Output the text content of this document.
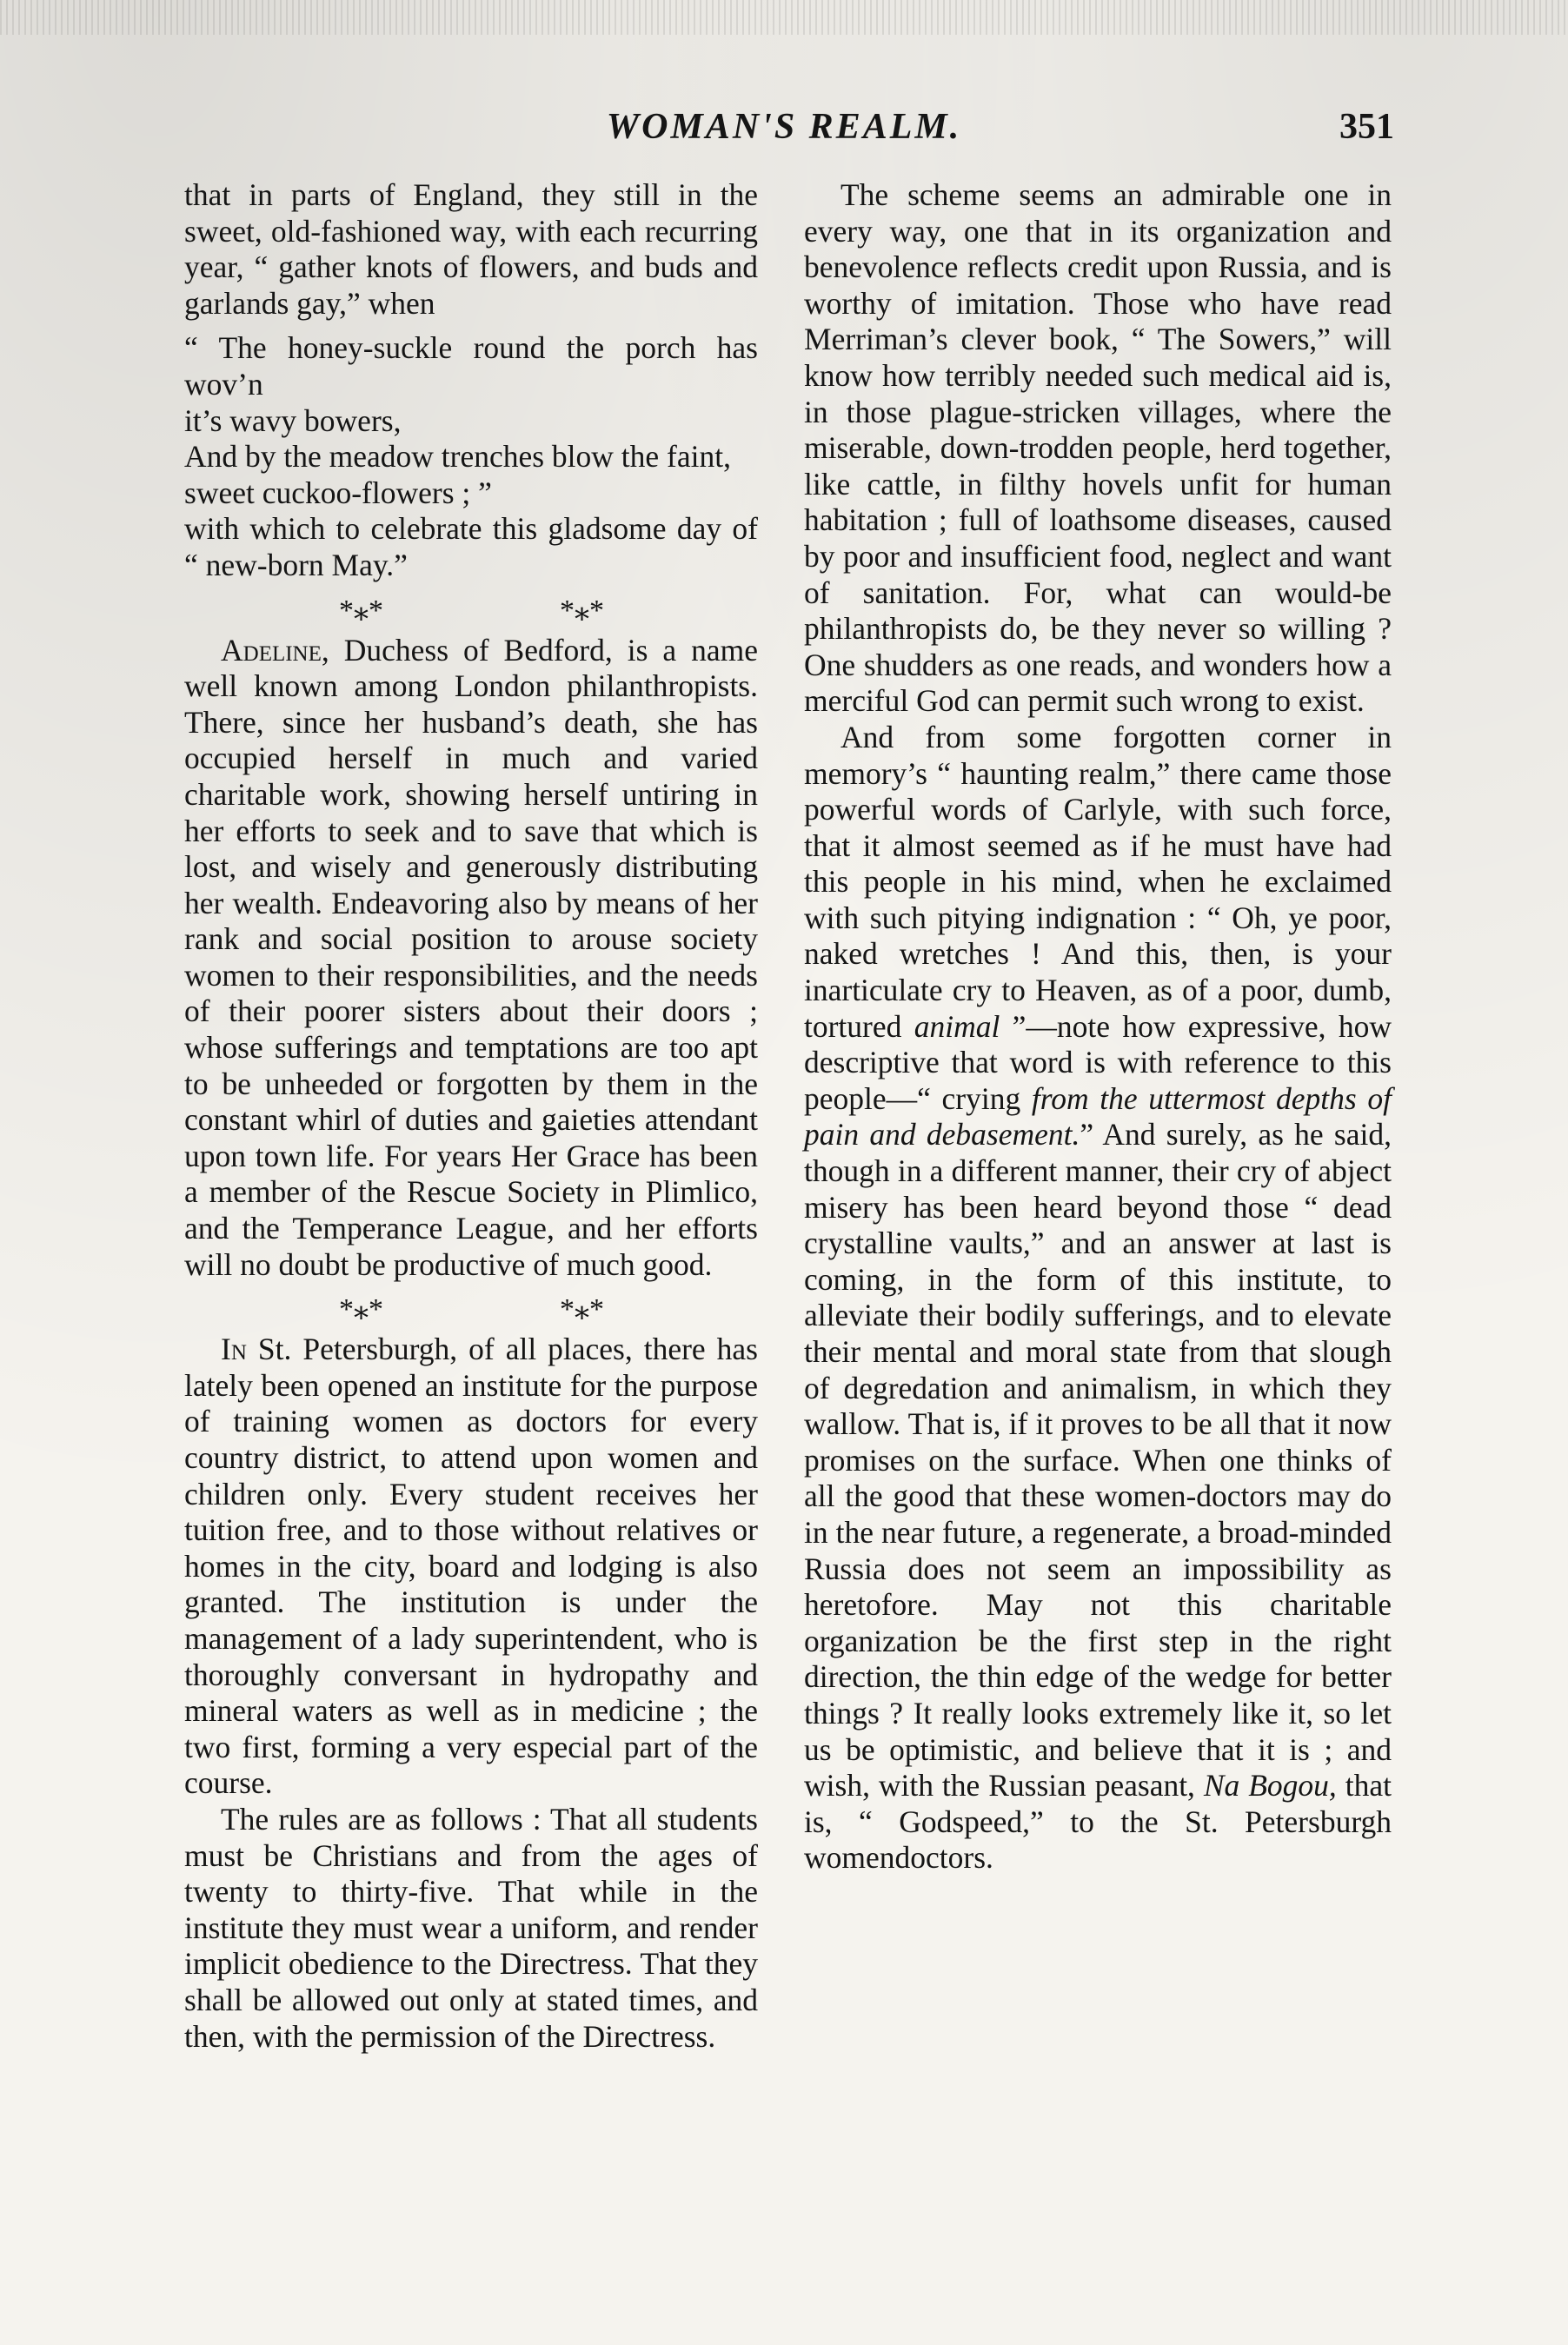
WOMAN'S REALM.	351

that in parts of England, they still in the sweet, old-fashioned way, with each recurring year, “ gather knots of flowers, and buds and garlands gay,” when

“ The honey-suckle round the porch has wov’n
it’s wavy bowers,
And by the meadow trenches blow the faint,
sweet cuckoo-flowers ; ”

with which to celebrate this gladsome day of “ new-born May.”

*⁎*	*⁎*

Adeline, Duchess of Bedford, is a name well known among London philanthropists. There, since her husband’s death, she has occupied herself in much and varied charitable work, showing herself untiring in her efforts to seek and to save that which is lost, and wisely and generously distributing her wealth. Endeavoring also by means of her rank and social position to arouse society women to their responsibilities, and the needs of their poorer sisters about their doors ; whose sufferings and temptations are too apt to be unheeded or forgotten by them in the constant whirl of duties and gaieties attendant upon town life. For years Her Grace has been a member of the Rescue Society in Plimlico, and the Temperance League, and her efforts will no doubt be productive of much good.

*⁎*	*⁎*

In St. Petersburgh, of all places, there has lately been opened an institute for the purpose of training women as doctors for every country district, to attend upon women and children only. Every student receives her tuition free, and to those without relatives or homes in the city, board and lodging is also granted. The institution is under the management of a lady superintendent, who is thoroughly conversant in hydropathy and mineral waters as well as in medicine ; the two first, forming a very especial part of the course.

The rules are as follows : That all students must be Christians and from the ages of twenty to thirty-five. That while in the institute they must wear a uniform, and render implicit obedience to the Directress. That they shall be allowed out only at stated times, and then, with the permission of the Directress.

The scheme seems an admirable one in every way, one that in its organization and benevolence reflects credit upon Russia, and is worthy of imitation. Those who have read Merriman’s clever book, “ The Sowers,” will know how terribly needed such medical aid is, in those plague-stricken villages, where the miserable, down-trodden people, herd together, like cattle, in filthy hovels unfit for human habitation ; full of loathsome diseases, caused by poor and insufficient food, neglect and want of sanitation. For, what can would-be philanthropists do, be they never so willing ? One shudders as one reads, and wonders how a merciful God can permit such wrong to exist.

And from some forgotten corner in memory’s “ haunting realm,” there came those powerful words of Carlyle, with such force, that it almost seemed as if he must have had this people in his mind, when he exclaimed with such pitying indignation : “ Oh, ye poor, naked wretches ! And this, then, is your inarticulate cry to Heaven, as of a poor, dumb, tortured animal ”—note how expressive, how descriptive that word is with reference to this people—“ crying from the uttermost depths of pain and debasement.” And surely, as he said, though in a different manner, their cry of abject misery has been heard beyond those “ dead crystalline vaults,” and an answer at last is coming, in the form of this institute, to alleviate their bodily sufferings, and to elevate their mental and moral state from that slough of degredation and animalism, in which they wallow. That is, if it proves to be all that it now promises on the surface. When one thinks of all the good that these women-doctors may do in the near future, a regenerate, a broad-minded Russia does not seem an impossibility as heretofore. May not this charitable organization be the first step in the right direction, the thin edge of the wedge for better things ? It really looks extremely like it, so let us be optimistic, and believe that it is ; and wish, with the Russian peasant, Na Bogou, that is, “ Godspeed,” to the St. Petersburgh womendoctors.
